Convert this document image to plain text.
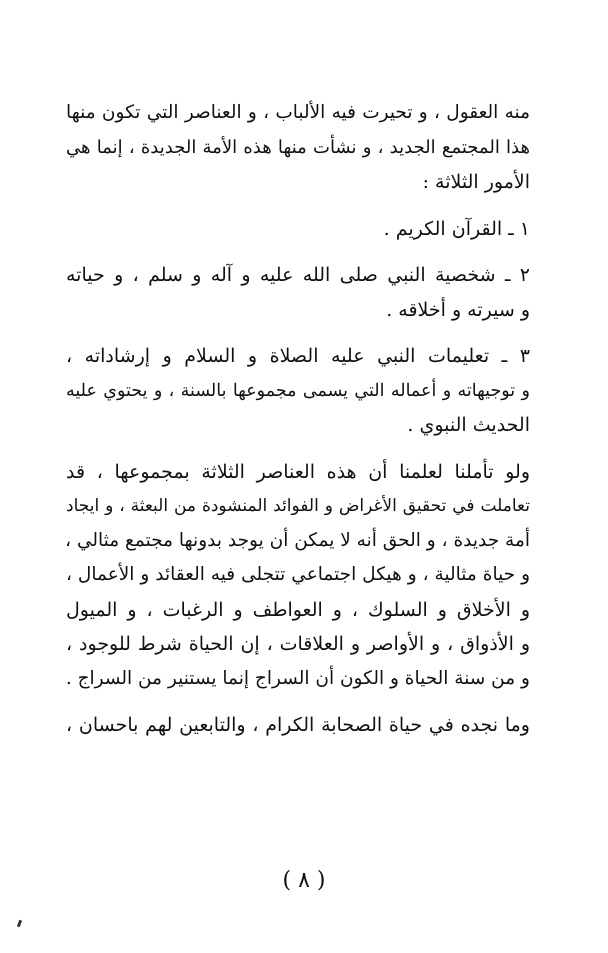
منه العقول ، و تحيرت فيه الألباب ، و العناصر التي تكون منها
هذا المجتمع الجديد ، و نشأت منها هذه الأمة الجديدة ، إنما هي
الأمور الثلاثة :

١ ـ القرآن الكريم .

٢ ـ شخصية النبي صلى الله عليه و آله و سلم ، و حياته
و سيرته و أخلاقه .

٣ ـ تعليمات النبي عليه الصلاة و السلام و إرشاداته ،
و توجيهاته و أعماله التي يسمى مجموعها بالسنة ، و يحتوي عليه
الحديث النبوي .

ولو تأملنا لعلمنا أن هذه العناصر الثلاثة بمجموعها ، قد
تعاملت في تحقيق الأغراض و الفوائد المنشودة من البعثة ، و ايجاد
أمة جديدة ، و الحق أنه لا يمكن أن يوجد بدونها مجتمع مثالي ،
و حياة مثالية ، و هيكل اجتماعي تتجلى فيه العقائد و الأعمال ،
و الأخلاق و السلوك ، و العواطف و الرغبات ، و الميول
و الأذواق ، و الأواصر و العلاقات ، إن الحياة شرط للوجود ،
و من سنة الحياة و الكون أن السراج إنما يستنير من السراج .

وما نجده في حياة الصحابة الكرام ، والتابعين لهم باحسان ،

( ٨ )
